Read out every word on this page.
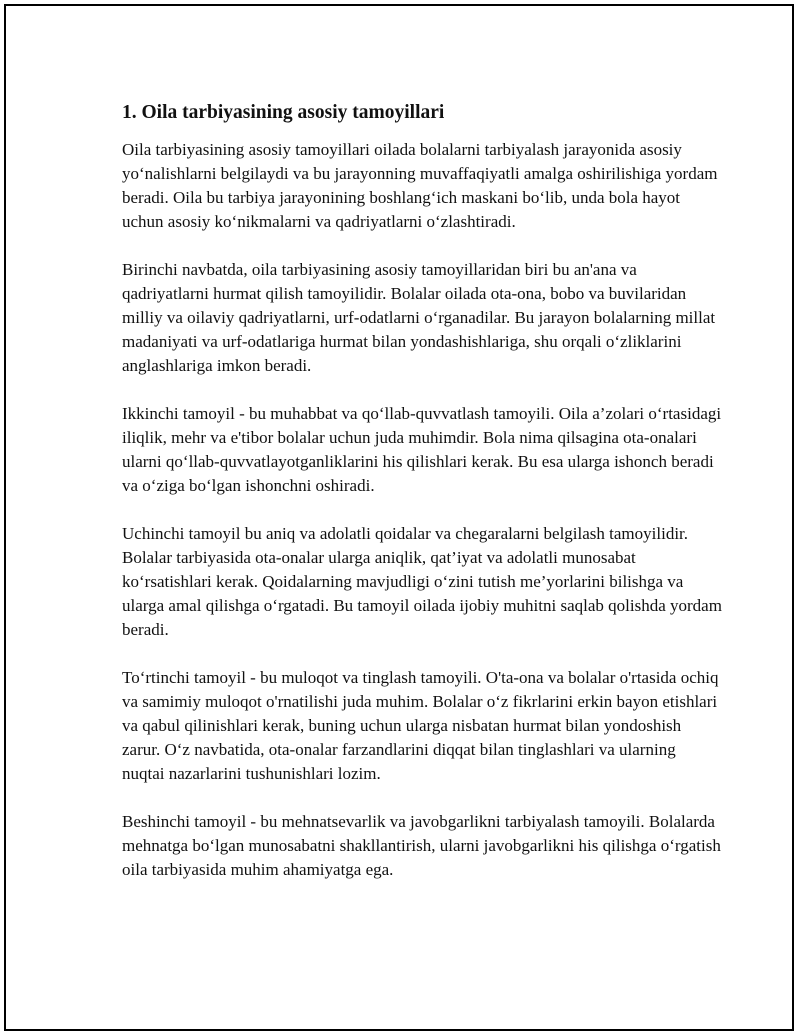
1. Oila tarbiyasining asosiy tamoyillari

Oila tarbiyasining asosiy tamoyillari oilada bolalarni tarbiyalash jarayonida asosiy yo‘nalishlarni belgilaydi va bu jarayonning muvaffaqiyatli amalga oshirilishiga yordam beradi. Oila bu tarbiya jarayonining boshlang‘ich maskani bo‘lib, unda bola hayot uchun asosiy ko‘nikmalarni va qadriyatlarni o‘zlashtiradi.

Birinchi navbatda, oila tarbiyasining asosiy tamoyillaridan biri bu an'ana va qadriyatlarni hurmat qilish tamoyilidir. Bolalar oilada ota-ona, bobo va buvilaridan milliy va oilaviy qadriyatlarni, urf-odatlarni o‘rganadilar. Bu jarayon bolalarning millat madaniyati va urf-odatlariga hurmat bilan yondashishlariga, shu orqali o‘zliklarini anglashlariga imkon beradi.

Ikkinchi tamoyil - bu muhabbat va qo‘llab-quvvatlash tamoyili. Oila a’zolari o‘rtasidagi iliqlik, mehr va e'tibor bolalar uchun juda muhimdir. Bola nima qilsagina ota-onalari ularni qo‘llab-quvvatlayotganliklarini his qilishlari kerak. Bu esa ularga ishonch beradi va o‘ziga bo‘lgan ishonchni oshiradi.

Uchinchi tamoyil bu aniq va adolatli qoidalar va chegaralarni belgilash tamoyilidir. Bolalar tarbiyasida ota-onalar ularga aniqlik, qat’iyat va adolatli munosabat ko‘rsatishlari kerak. Qoidalarning mavjudligi o‘zini tutish me’yorlarini bilishga va ularga amal qilishga o‘rgatadi. Bu tamoyil oilada ijobiy muhitni saqlab qolishda yordam beradi.

To‘rtinchi tamoyil - bu muloqot va tinglash tamoyili. O'ta-ona va bolalar o'rtasida ochiq va samimiy muloqot o'rnatilishi juda muhim. Bolalar o‘z fikrlarini erkin bayon etishlari va qabul qilinishlari kerak, buning uchun ularga nisbatan hurmat bilan yondoshish zarur. O‘z navbatida, ota-onalar farzandlarini diqqat bilan tinglashlari va ularning nuqtai nazarlarini tushunishlari lozim.

Beshinchi tamoyil - bu mehnatsevarlik va javobgarlikni tarbiyalash tamoyili. Bolalarda mehnatga bo‘lgan munosabatni shakllantirish, ularni javobgarlikni his qilishga o‘rgatish oila tarbiyasida muhim ahamiyatga ega.
